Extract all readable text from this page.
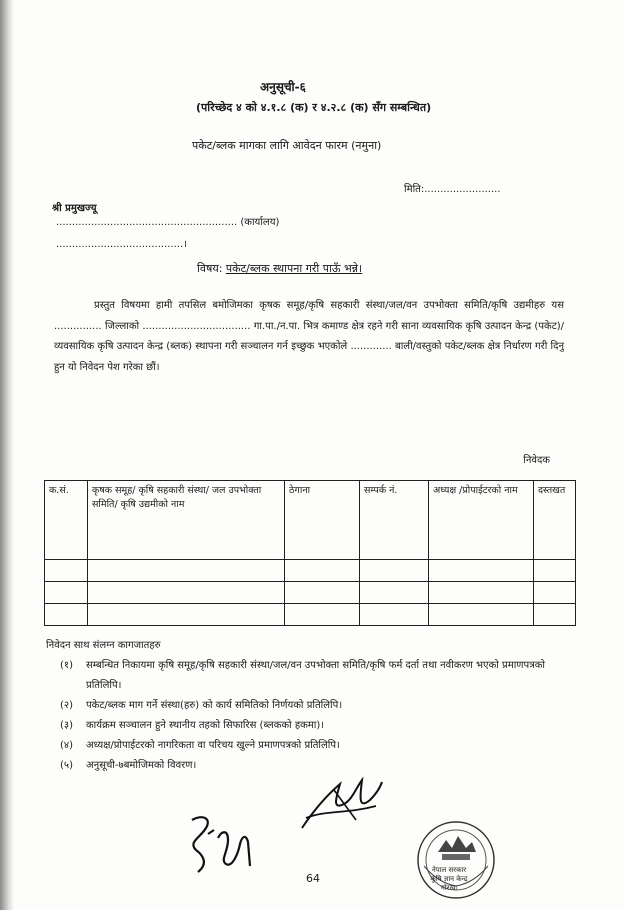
अनुसूची-६
(परिच्छेद ४ को ४.१.८ (क) र ४.२.८ (क) सँग सम्बन्धित)
पकेट/ब्लक मागका लागि आवेदन फारम (नमुना)
मिति:........................
श्री प्रमुखज्यू
......................................................... (कार्यालय)
........................................।
विषय: पकेट/ब्लक स्थापना गरी पाऊँ भन्ने।

प्रस्तुत विषयमा हामी तपसिल बमोजिमका कृषक समूह/कृषि सहकारी संस्था/जल/वन उपभोक्ता समिति/कृषि उद्यमीहरु यस ............... जिल्लाको .................................. गा.पा./न.पा. भित्र कमाण्ड क्षेत्र रहने गरी साना व्यवसायिक कृषि उत्पादन केन्द्र (पकेट)/ व्यवसायिक कृषि उत्पादन केन्द्र (ब्लक) स्थापना गरी सञ्चालन गर्न इच्छुक भएकोले ............. बाली/वस्तुको पकेट/ब्लक क्षेत्र निर्धारण गरी दिनु हुन यो निवेदन पेश गरेका छौं।

निवेदक
क.सं.	कृषक समूह/ कृषि सहकारी संस्था/ जल उपभोक्ता समिति/ कृषि उद्यमीको नाम	ठेगाना	सम्पर्क नं.	अध्यक्ष /प्रोपाईटरको नाम	दस्तखत

निवेदन साथ संलग्न कागजातहरु
(१)	सम्बन्धित निकायमा कृषि समूह/कृषि सहकारी संस्था/जल/वन उपभोक्ता समिति/कृषि फर्म दर्ता तथा नवीकरण भएको प्रमाणपत्रको प्रतिलिपि।
(२)	पकेट/ब्लक माग गर्ने संस्था(हरु) को कार्य समितिको निर्णयको प्रतिलिपि।
(३)	कार्यक्रम सञ्चालन हुने स्थानीय तहको सिफारिस (ब्लकको हकमा)।
(४)	अध्यक्ष/प्रोपाईटरको नागरिकता वा परिचय खुल्ने प्रमाणपत्रको प्रतिलिपि।
(५)	अनुसूची-७बमोजिमको विवरण।
नेपाल सरकार
कृषि ज्ञान केन्द्र
गोरखा
64
